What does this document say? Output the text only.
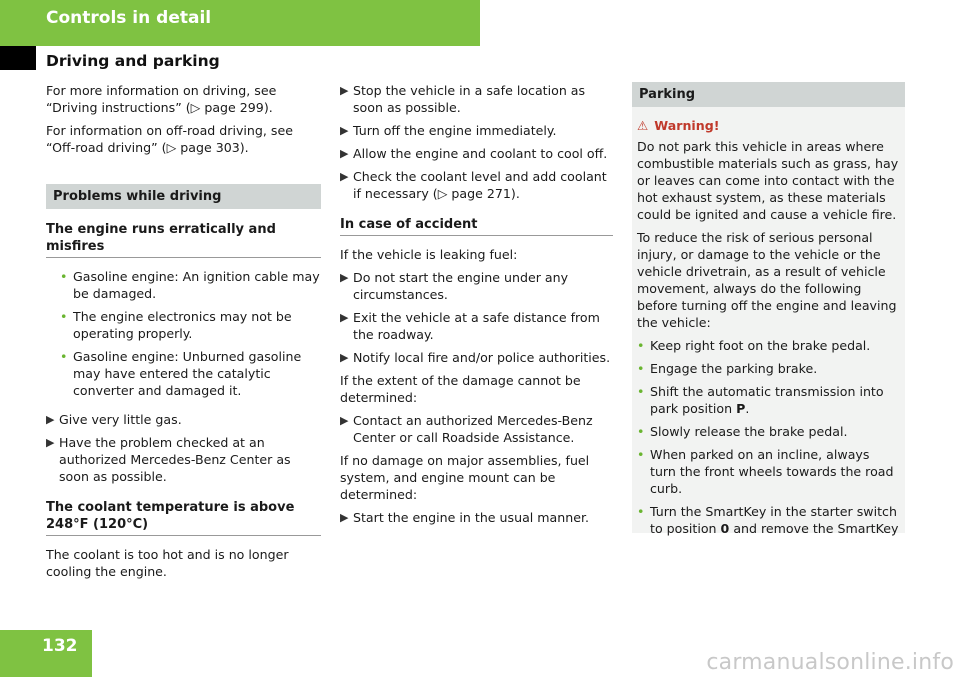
Controls in detail
Driving and parking

For more information on driving, see “Driving instructions” (▷ page 299).

For information on off-road driving, see “Off-road driving” (▷ page 303).

Problems while driving
The engine runs erratically and misfires
• Gasoline engine: An ignition cable may be damaged.
• The engine electronics may not be operating properly.
• Gasoline engine: Unburned gasoline may have entered the catalytic converter and damaged it.
▶ Give very little gas.
▶ Have the problem checked at an authorized Mercedes-Benz Center as soon as possible.
The coolant temperature is above 248°F (120°C)

The coolant is too hot and is no longer cooling the engine.

▶ Stop the vehicle in a safe location as soon as possible.
▶ Turn off the engine immediately.
▶ Allow the engine and coolant to cool off.
▶ Check the coolant level and add coolant if necessary (▷ page 271).
In case of accident

If the vehicle is leaking fuel:

▶ Do not start the engine under any circumstances.
▶ Exit the vehicle at a safe distance from the roadway.
▶ Notify local fire and/or police authorities.

If the extent of the damage cannot be determined:

▶ Contact an authorized Mercedes-Benz Center or call Roadside Assistance.

If no damage on major assemblies, fuel system, and engine mount can be determined:

▶ Start the engine in the usual manner.
Parking
⚠ Warning!

Do not park this vehicle in areas where combustible materials such as grass, hay or leaves can come into contact with the hot exhaust system, as these materials could be ignited and cause a vehicle fire.

To reduce the risk of serious personal injury, or damage to the vehicle or the vehicle drivetrain, as a result of vehicle movement, always do the following before turning off the engine and leaving the vehicle:

• Keep right foot on the brake pedal.
• Engage the parking brake.
• Shift the automatic transmission into park position P.
• Slowly release the brake pedal.
• When parked on an incline, always turn the front wheels towards the road curb.
• Turn the SmartKey in the starter switch to position 0 and remove the SmartKey
132
carmanualsonline.info
